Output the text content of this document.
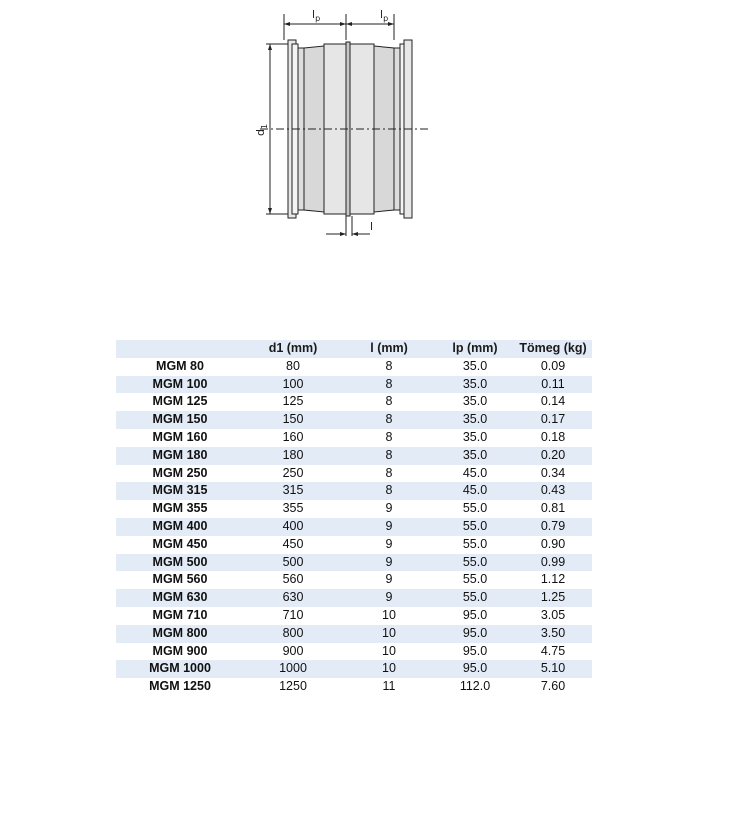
$l_p$	$l_p$
$d_1$
l
	d1 (mm)	l (mm)	lp (mm)	Tömeg (kg)
MGM 80	80	8	35.0	0.09
MGM 100	100	8	35.0	0.11
MGM 125	125	8	35.0	0.14
MGM 150	150	8	35.0	0.17
MGM 160	160	8	35.0	0.18
MGM 180	180	8	35.0	0.20
MGM 250	250	8	45.0	0.34
MGM 315	315	8	45.0	0.43
MGM 355	355	9	55.0	0.81
MGM 400	400	9	55.0	0.79
MGM 450	450	9	55.0	0.90
MGM 500	500	9	55.0	0.99
MGM 560	560	9	55.0	1.12
MGM 630	630	9	55.0	1.25
MGM 710	710	10	95.0	3.05
MGM 800	800	10	95.0	3.50
MGM 900	900	10	95.0	4.75
MGM 1000	1000	10	95.0	5.10
MGM 1250	1250	11	112.0	7.60
